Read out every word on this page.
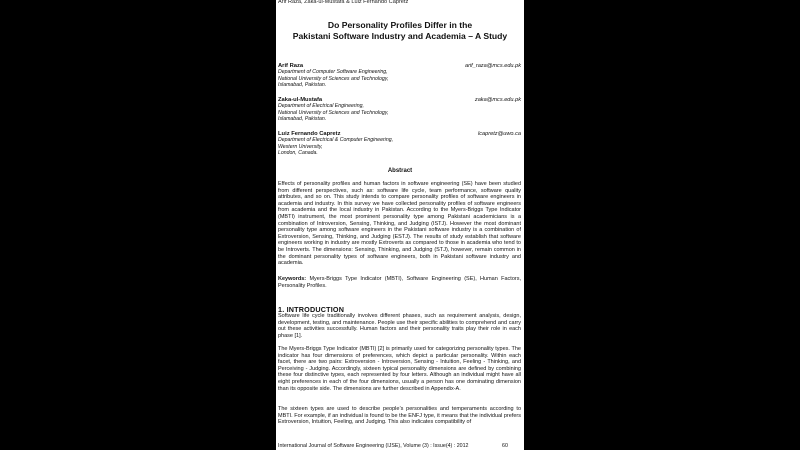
Arif Raza, Zaka-ul-Mustafa & Luiz Fernando Capretz
Do Personality Profiles Differ in the
Pakistani Software Industry and Academia – A Study
Arif Raza
Department of Computer Software Engineering,
National University of Sciences and Technology,
Islamabad, Pakistan.
arif_raza@mcs.edu.pk
Zaka-ul-Mustafa
Department of Electrical Engineering,
National University of Sciences and Technology,
Islamabad, Pakistan.
zaka@mcs.edu.pk
Luiz Fernando Capretz
Department of Electrical & Computer Engineering,
Western University,
London, Canada.
lcapretz@uwo.ca
Abstract
Effects of personality profiles and human factors in software engineering (SE) have been studied from different perspectives, such as: software life cycle, team performance, software quality attributes, and so on. This study intends to compare personality profiles of software engineers in academia and industry. In this survey we have collected personality profiles of software engineers from academia and the local industry in Pakistan. According to the Myers-Briggs Type Indicator (MBTI) instrument, the most prominent personality type among Pakistani academicians is a combination of Introversion, Sensing, Thinking, and Judging (ISTJ). However the most dominant personality type among software engineers in the Pakistani software industry is a combination of Extroversion, Sensing, Thinking, and Judging (ESTJ). The results of study establish that software engineers working in industry are mostly Extroverts as compared to those in academia who tend to be Introverts. The dimensions: Sensing, Thinking, and Judging (STJ), however, remain common in the dominant personality types of software engineers, both in Pakistani software industry and academia.
Keywords: Myers-Briggs Type Indicator (MBTI), Software Engineering (SE), Human Factors, Personality Profiles.
1. INTRODUCTION
Software life cycle traditionally involves different phases, such as requirement analysis, design, development, testing, and maintenance. People use their specific abilities to comprehend and carry out these activities successfully. Human factors and their personality traits play their role in each phase [1].
The Myers-Briggs Type Indicator (MBTI) [2] is primarily used for categorizing personality types. The indicator has four dimensions of preferences, which depict a particular personality. Within each facet, there are two pairs: Extroversion - Introversion, Sensing - Intuition, Feeling - Thinking, and Perceiving - Judging. Accordingly, sixteen typical personality dimensions are defined by combining these four distinctive types, each represented by four letters. Although an individual might have all eight preferences in each of the four dimensions, usually a person has one dominating dimension than its opposite side. The dimensions are further described in Appendix-A.
The sixteen types are used to describe people’s personalities and temperaments according to MBTI. For example, if an individual is found to be the ENFJ type, it means that the individual prefers Extroversion, Intuition, Feeling, and Judging. This also indicates compatibility of
International Journal of Software Engineering (IJSE), Volume (3) : Issue(4) : 2012	60
